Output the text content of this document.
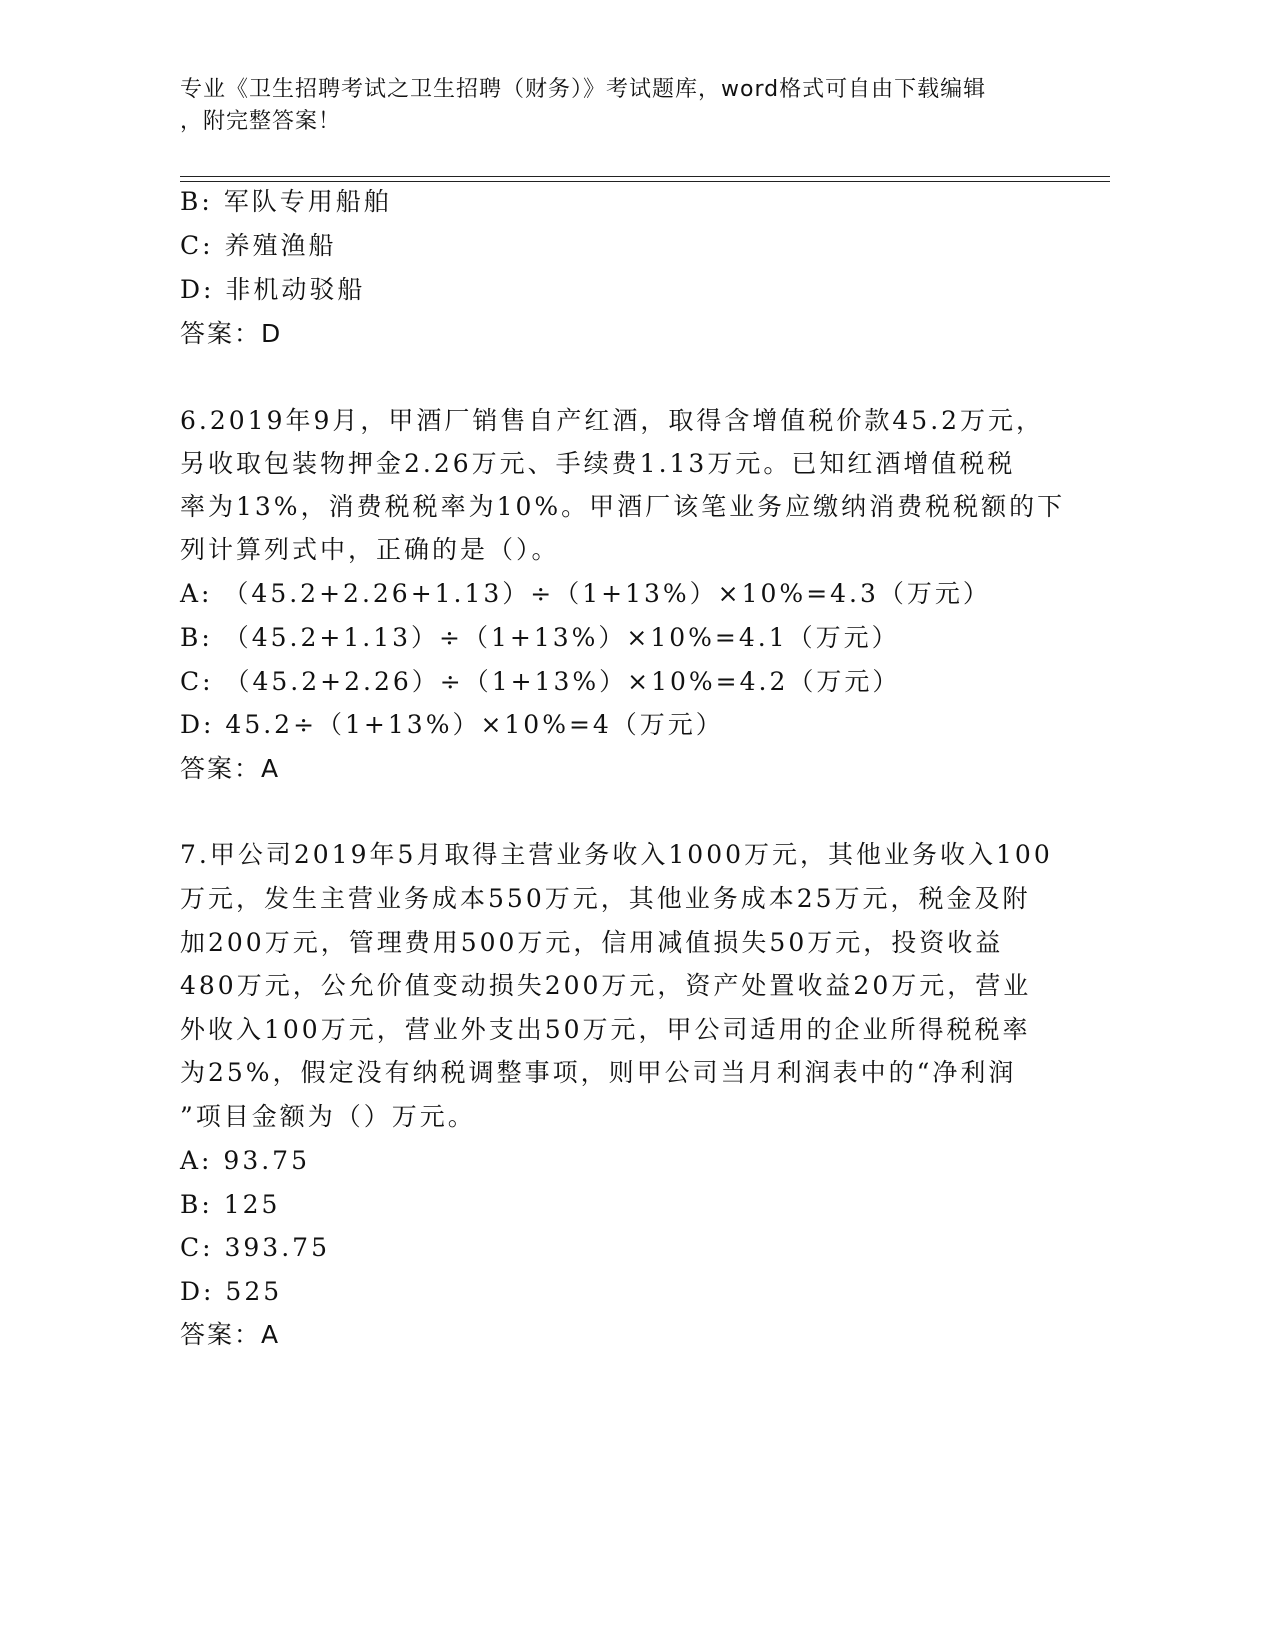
专业《卫生招聘考试之卫生招聘（财务）》考试题库，word格式可自由下载编辑
，附完整答案！
B: 军队专用船舶
C: 养殖渔船
D: 非机动驳船
答案：D
6.2019年9月，甲酒厂销售自产红酒，取得含增值税价款45.2万元，
另收取包装物押金2.26万元、手续费1.13万元。已知红酒增值税税
率为13%，消费税税率为10%。甲酒厂该笔业务应缴纳消费税税额的下
列计算列式中，正确的是（）。
A: （45.2+2.26+1.13）÷（1+13%）×10%=4.3（万元）
B: （45.2+1.13）÷（1+13%）×10%=4.1（万元）
C: （45.2+2.26）÷（1+13%）×10%=4.2（万元）
D: 45.2÷（1+13%）×10%=4（万元）
答案：A
7.甲公司2019年5月取得主营业务收入1000万元，其他业务收入100
万元，发生主营业务成本550万元，其他业务成本25万元，税金及附
加200万元，管理费用500万元，信用减值损失50万元，投资收益
480万元，公允价值变动损失200万元，资产处置收益20万元，营业
外收入100万元，营业外支出50万元，甲公司适用的企业所得税税率
为25%，假定没有纳税调整事项，则甲公司当月利润表中的“净利润
”项目金额为（）万元。
A: 93.75
B: 125
C: 393.75
D: 525
答案：A
